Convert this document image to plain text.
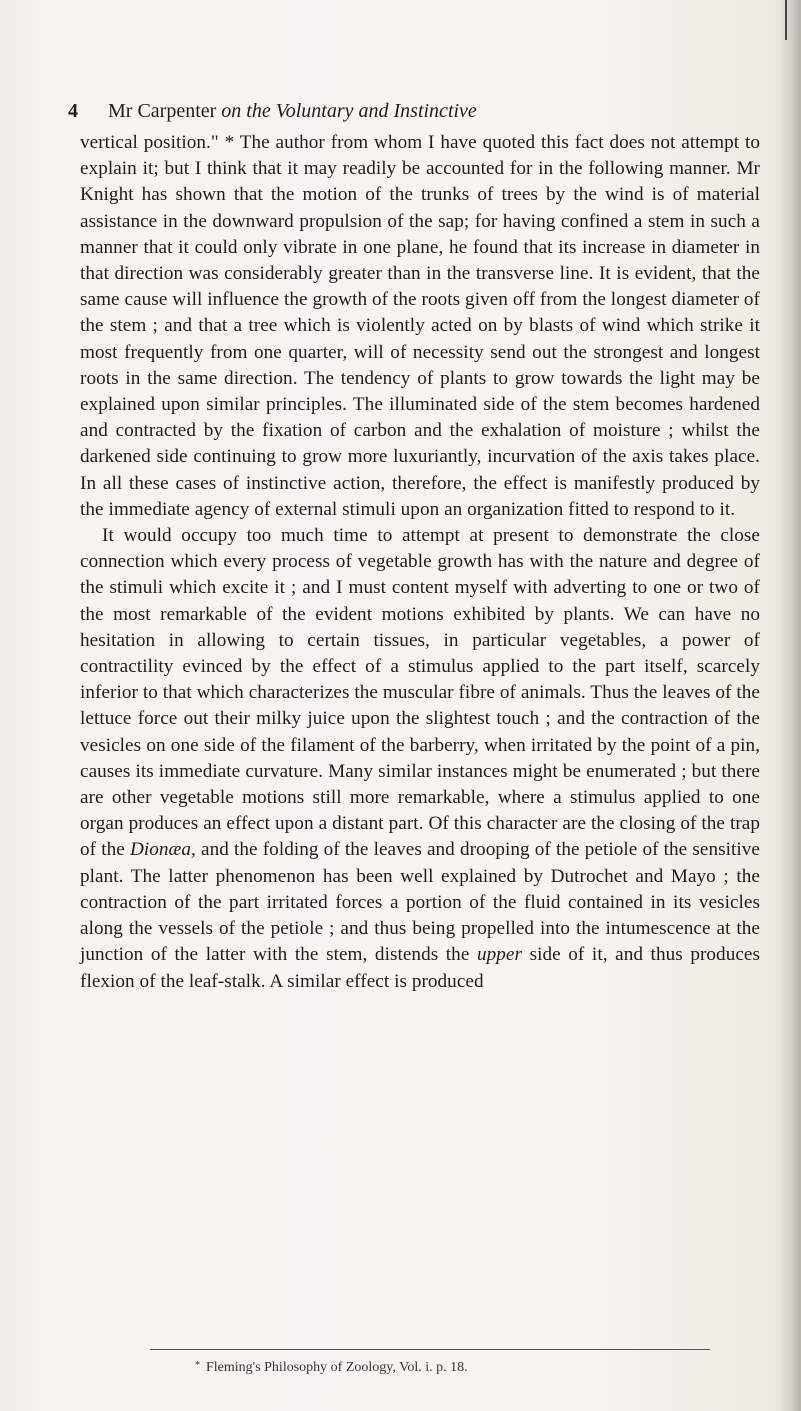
4 Mr Carpenter on the Voluntary and Instinctive

vertical position." * The author from whom I have quoted this fact does not attempt to explain it; but I think that it may readily be accounted for in the following manner. Mr Knight has shown that the motion of the trunks of trees by the wind is of material assistance in the downward propulsion of the sap; for having confined a stem in such a manner that it could only vibrate in one plane, he found that its increase in diameter in that direction was considerably greater than in the transverse line. It is evident, that the same cause will influence the growth of the roots given off from the longest diameter of the stem ; and that a tree which is violently acted on by blasts of wind which strike it most frequently from one quarter, will of necessity send out the strongest and longest roots in the same direction. The tendency of plants to grow towards the light may be explained upon similar principles. The illuminated side of the stem becomes hardened and contracted by the fixation of carbon and the exhalation of moisture ; whilst the darkened side continuing to grow more luxuriantly, incurvation of the axis takes place. In all these cases of instinctive action, therefore, the effect is manifestly produced by the immediate agency of external stimuli upon an organization fitted to respond to it.

It would occupy too much time to attempt at present to demonstrate the close connection which every process of vegetable growth has with the nature and degree of the stimuli which excite it ; and I must content myself with adverting to one or two of the most remarkable of the evident motions exhibited by plants. We can have no hesitation in allowing to certain tissues, in particular vegetables, a power of contractility evinced by the effect of a stimulus applied to the part itself, scarcely inferior to that which characterizes the muscular fibre of animals. Thus the leaves of the lettuce force out their milky juice upon the slightest touch ; and the contraction of the vesicles on one side of the filament of the barberry, when irritated by the point of a pin, causes its immediate curvature. Many similar instances might be enumerated ; but there are other vegetable motions still more remarkable, where a stimulus applied to one organ produces an effect upon a distant part. Of this character are the closing of the trap of the Dionæa, and the folding of the leaves and drooping of the petiole of the sensitive plant. The latter phenomenon has been well explained by Dutrochet and Mayo ; the contraction of the part irritated forces a portion of the fluid contained in its vesicles along the vessels of the petiole ; and thus being propelled into the intumescence at the junction of the latter with the stem, distends the upper side of it, and thus produces flexion of the leaf-stalk. A similar effect is produced

* Fleming's Philosophy of Zoology, Vol. i. p. 18.
